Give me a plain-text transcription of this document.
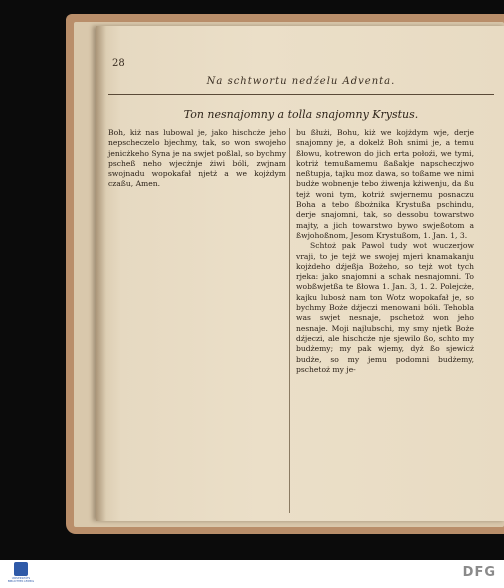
28
Na schtwortu nedźelu Adventa.
Ton nesnajomny a tolla snajomny Krystus.

Boh, kiż nas lubowal je, jako hischcże jeho nepscheczelo bjechmy, tak, so won swojeho jenicżkeho Syna je na swjet poßlal, so bychmy pscheß neho wjecżnje żiwi bóli, zwjnam swojnadu wopokafał njetż a we kojżdym czaßu, Amen.

bu ßłużi, Bohu, kiż we kojżdym wje, derje snajomny je, a dokelż Boh snimi je, a temu ßłowu, kotrewon do jich erta połoźi, we tymi, kotriż temußamemu ßaßakje napscheczjwo neßtupja, tajku moz dawa, so toßame we nimi budże wobnenje tebo żiwenja kżiwenju, da ßu tejż woni tym, kotriż swjernemu posnaczu Boha a tebo ßbożnika Krystußa pschindu, derje snajomni, tak, so dessobu towarstwo majty, a jich towarstwo bywo swjeßotom a ßwjohoßnom, Jesom Krystußom, 1. Jan. 1, 3.

Schtoż pak Pawol tudy wot wuczerjow vraji, to je tejż we swojej mjeri knamakanju kojżdeho dźjeßja Bożeho, so tejż wot tych rjeka: jako snajomni a schak nesnajomni. To wobßwjetßa te ßłowa 1. Jan. 3, 1. 2. Polejcże, kajku lubosż nam ton Wotz wopokafał je, so bychmy Boże dźjeczi menowani bóli. Tehobla was swjet nesnaje, pschetoż won jeho nesnaje. Moji najlubschi, my smy njetk Boże dźjeczi, ale hischcże nje sjewilo ßo, schto my budżemy; my pak wjemy, dyż ßo sjewicż budże, so my jemu podomni budżemy, pschetoż my je-

UNIVERSITÄTS BIBLIOTHEK LEIPZIG
DFG
